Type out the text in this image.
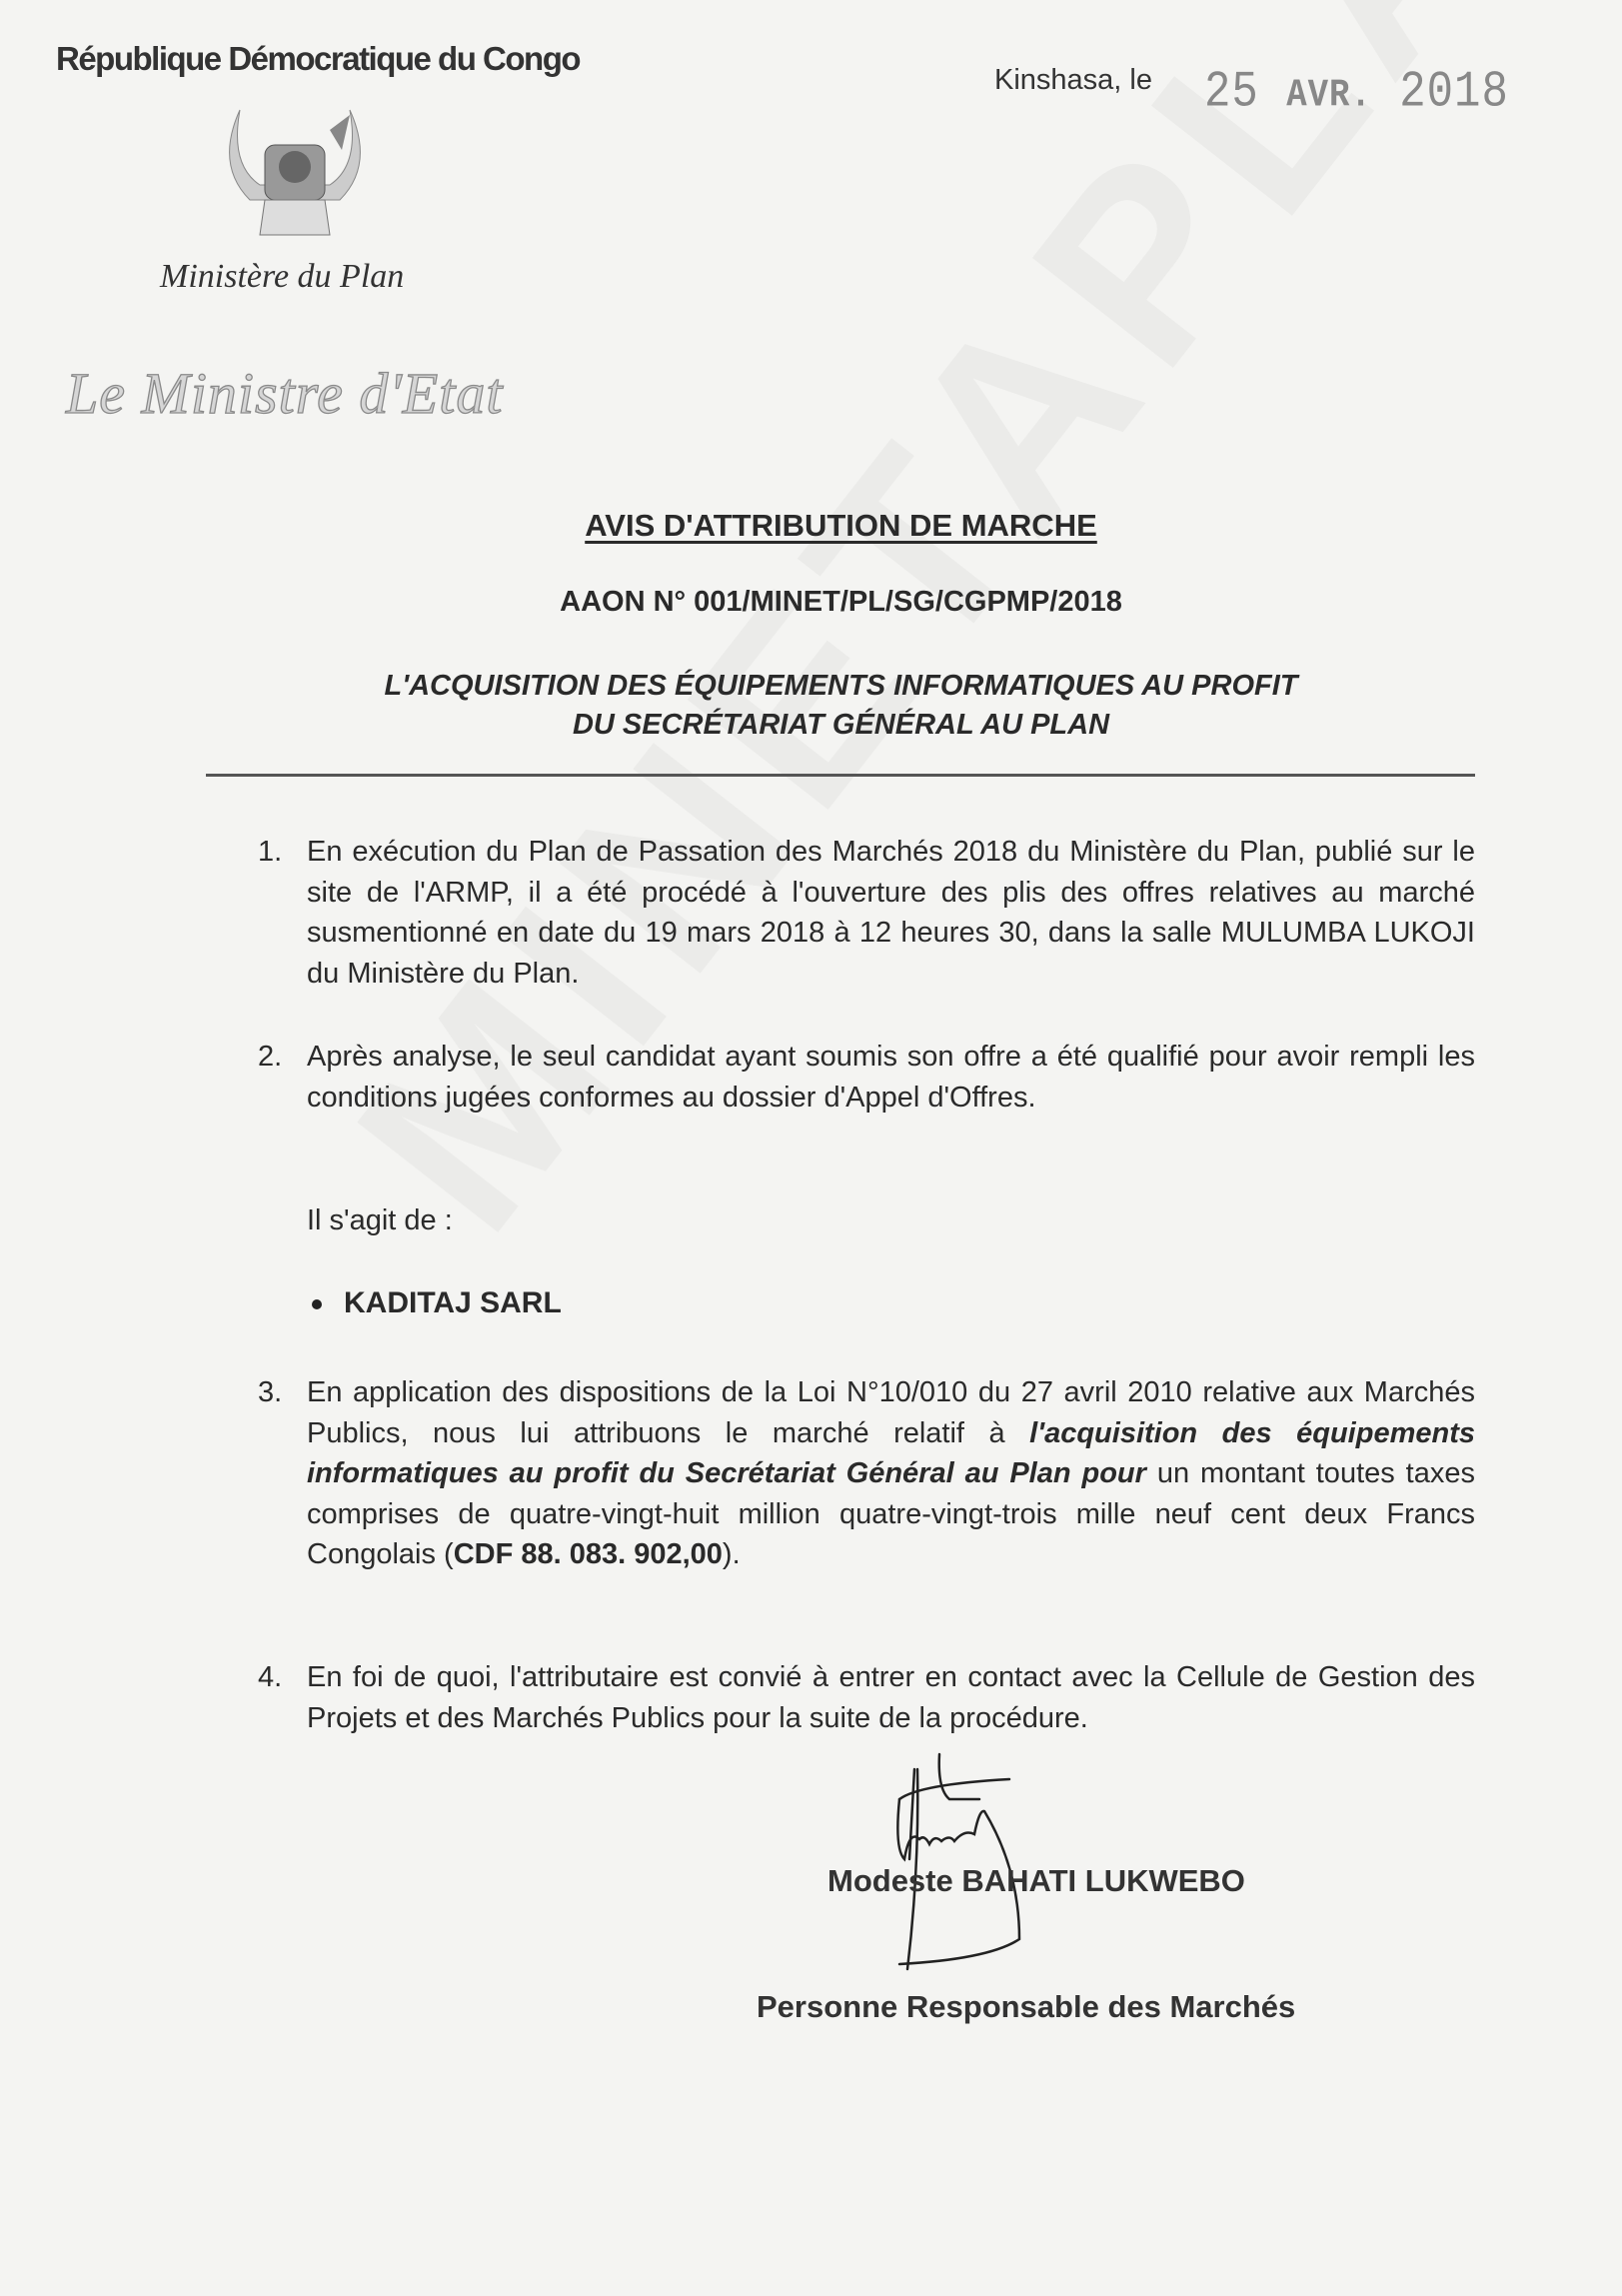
République Démocratique du Congo
Ministère du Plan
Le Ministre d'Etat
Kinshasa, le 25 AVR. 2018
AVIS D'ATTRIBUTION DE MARCHE
AAON N° 001/MINET/PL/SG/CGPMP/2018
L'ACQUISITION DES ÉQUIPEMENTS INFORMATIQUES AU PROFIT
DU SECRÉTARIAT GÉNÉRAL AU PLAN
1. En exécution du Plan de Passation des Marchés 2018 du Ministère du Plan, publié sur le site de l'ARMP, il a été procédé à l'ouverture des plis des offres relatives au marché susmentionné en date du 19 mars 2018 à 12 heures 30, dans la salle MULUMBA LUKOJI du Ministère du Plan.
2. Après analyse, le seul candidat ayant soumis son offre a été qualifié pour avoir rempli les conditions jugées conformes au dossier d'Appel d'Offres.
Il s'agit de :
KADITAJ SARL
3. En application des dispositions de la Loi N°10/010 du 27 avril 2010 relative aux Marchés Publics, nous lui attribuons le marché relatif à l'acquisition des équipements informatiques au profit du Secrétariat Général au Plan pour un montant toutes taxes comprises de quatre-vingt-huit million quatre-vingt-trois mille neuf cent deux Francs Congolais (CDF 88. 083. 902,00).
4. En foi de quoi, l'attributaire est convié à entrer en contact avec la Cellule de Gestion des Projets et des Marchés Publics pour la suite de la procédure.
Modeste BAHATI LUKWEBO
Personne Responsable des Marchés
